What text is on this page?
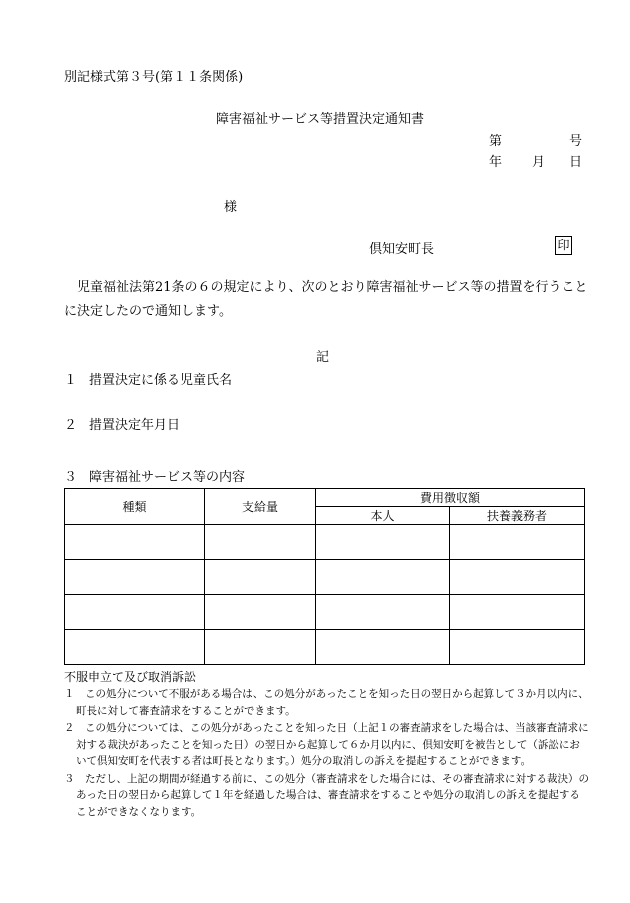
別記様式第３号(第１１条関係)
障害福祉サービス等措置決定通知書
第	号
年 月 日
様
倶知安町長	印
児童福祉法第21条の６の規定により、次のとおり障害福祉サービス等の措置を行うことに決定したので通知します。
記
１ 措置決定に係る児童氏名
２ 措置決定年月日
３ 障害福祉サービス等の内容
種類	支給量	費用徴収額	
		本人	扶養義務者

不服申立て及び取消訴訟

１　この処分について不服がある場合は、この処分があったことを知った日の翌日から起算して３か月以内に、町長に対して審査請求をすることができます。

２　この処分については、この処分があったことを知った日（上記１の審査請求をした場合は、当該審査請求に対する裁決があったことを知った日）の翌日から起算して６か月以内に、倶知安町を被告として（訴訟において倶知安町を代表する者は町長となります。）処分の取消しの訴えを提起することができます。

３　ただし、上記の期間が経過する前に、この処分（審査請求をした場合には、その審査請求に対する裁決）のあった日の翌日から起算して１年を経過した場合は、審査請求をすることや処分の取消しの訴えを提起することができなくなります。
